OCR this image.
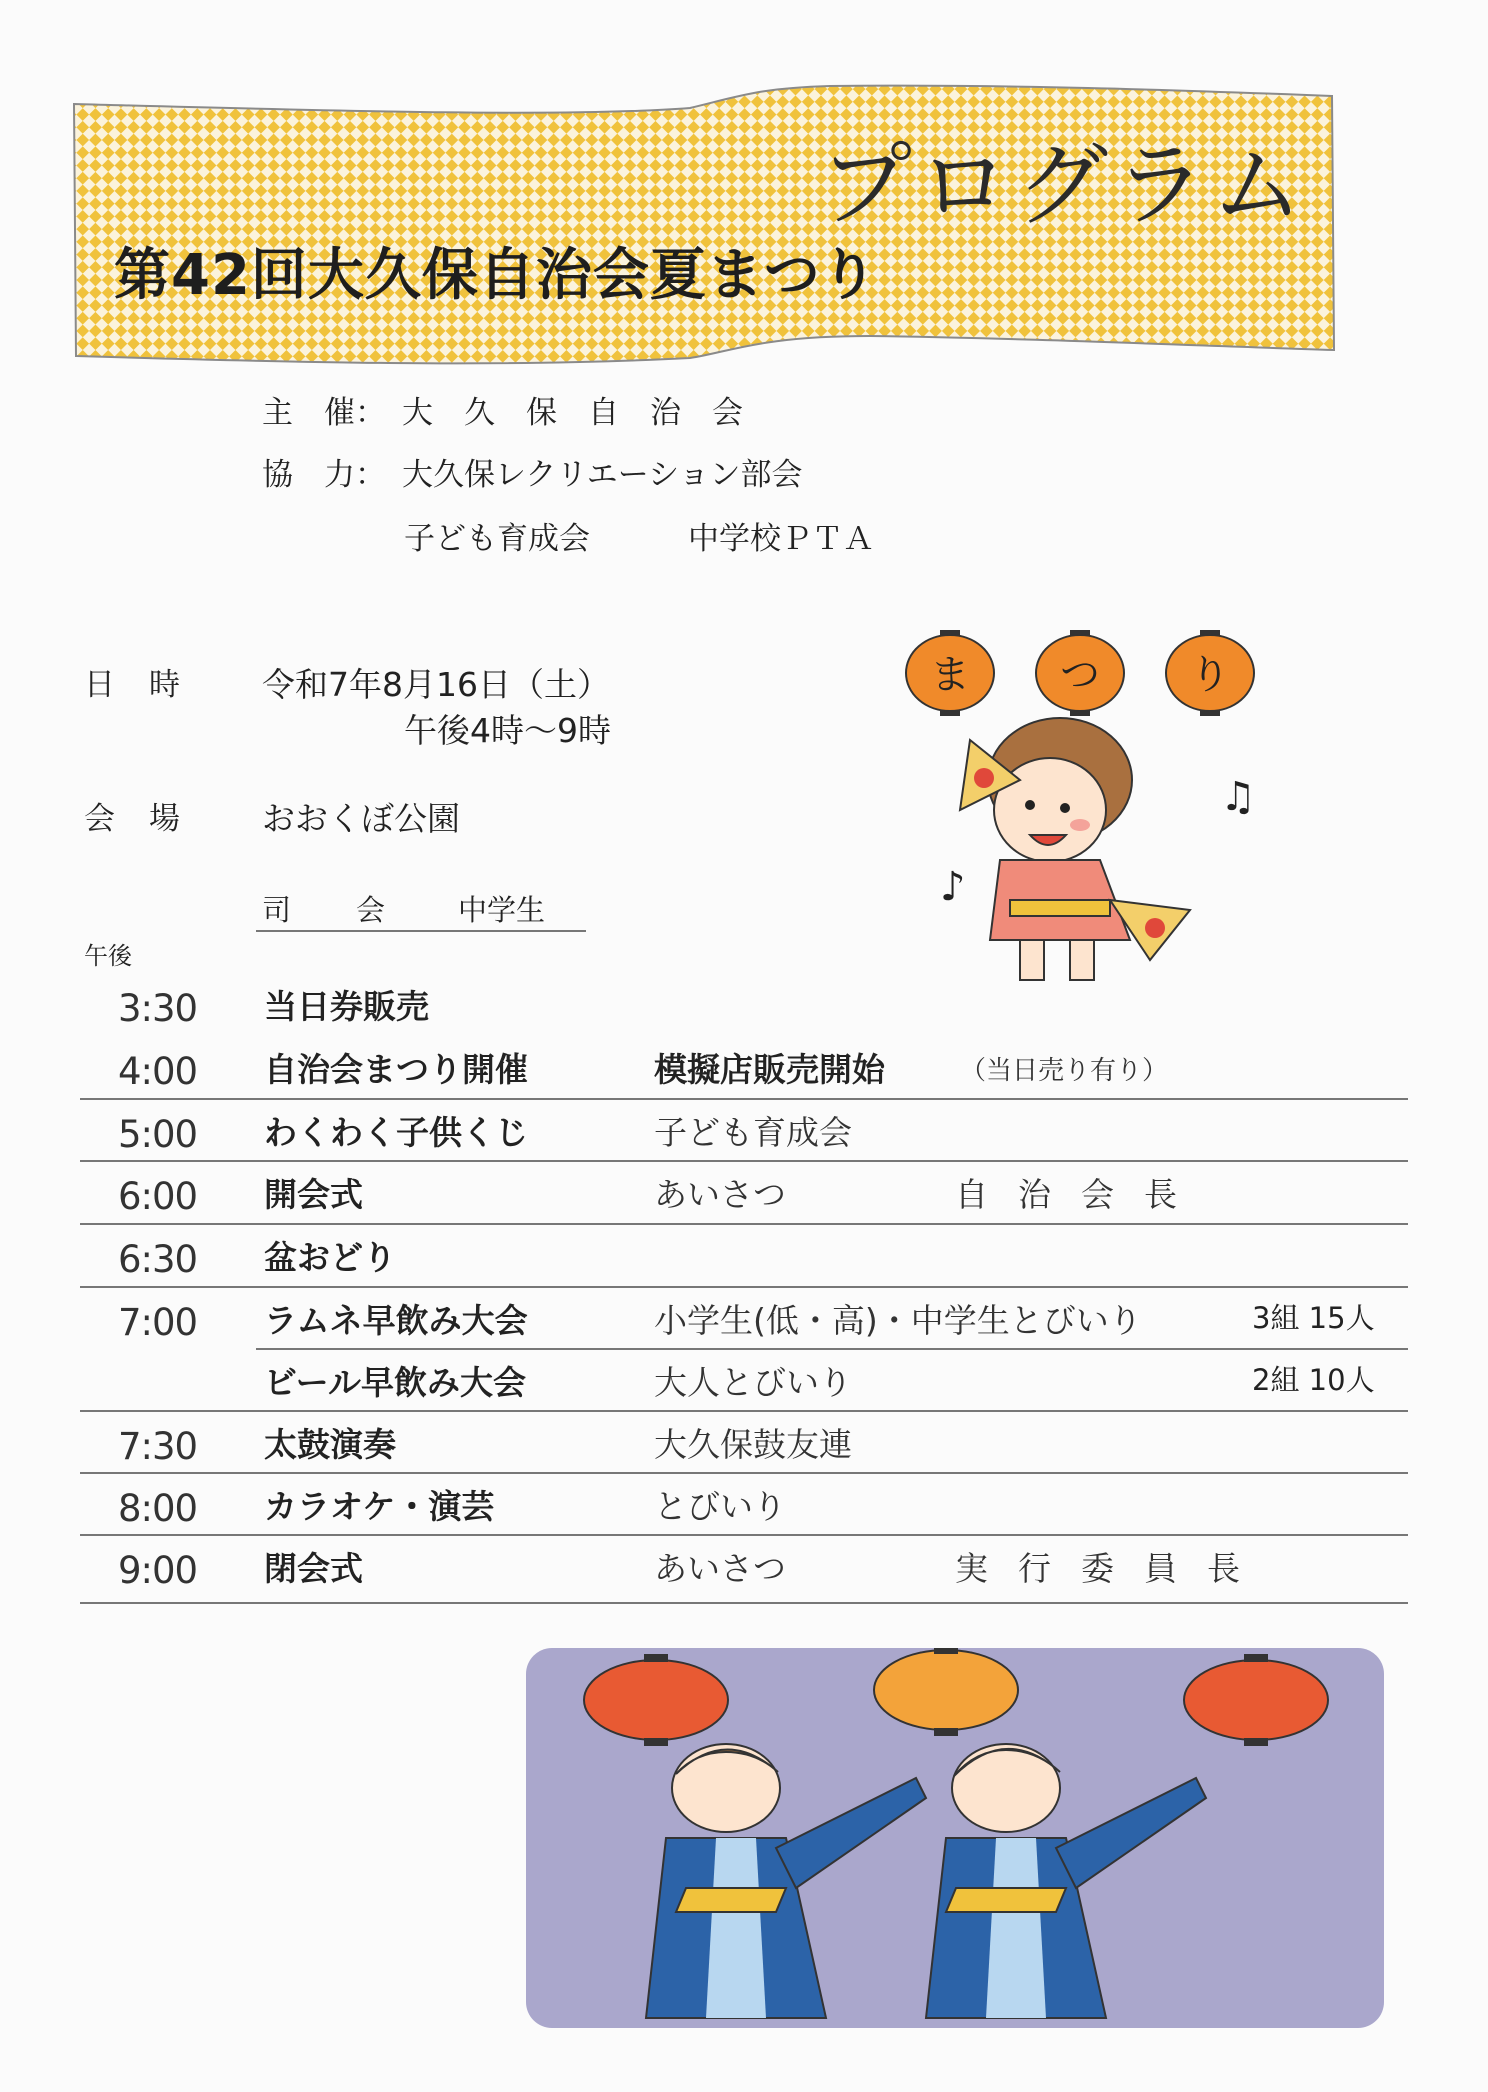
プログラム
第42回大久保自治会夏まつり
主　催： 大久保自治会
協　力： 大久保レクリエーション部会
子ども育成会	中学校ＰＴＡ
日時 令和7年8月16日（土）
午後4時〜9時
会場 おおくぼ公園
司　会 中学生
午後
3:30 当日券販売
4:00 自治会まつり開催	模擬店販売開始	（当日売り有り）
5:00 わくわく子供くじ	子ども育成会
6:00 開会式	あいさつ	自治会長
6:30 盆おどり
7:00 ラムネ早飲み大会	小学生(低・高)・中学生とびいり	3組 15人
ビール早飲み大会	大人とびいり	2組 10人
7:30 太鼓演奏	大久保鼓友連
8:00 カラオケ・演芸	とびいり
9:00 閉会式	あいさつ	実行委員長
ま つ り
♫
♪
